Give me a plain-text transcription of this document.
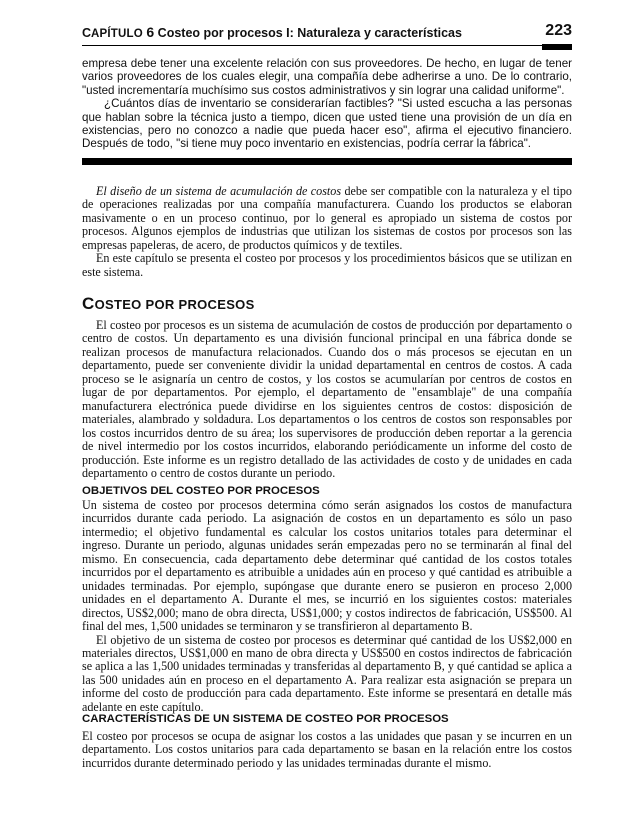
CAPÍTULO 6 Costeo por procesos I: Naturaleza y características	223

empresa debe tener una excelente relación con sus proveedores. De hecho, en lugar de tener varios proveedores de los cuales elegir, una compañía debe adherirse a uno. De lo contrario, "usted incrementaría muchísimo sus costos administrativos y sin lograr una calidad uniforme".

¿Cuántos días de inventario se considerarían factibles? "Si usted escucha a las personas que hablan sobre la técnica justo a tiempo, dicen que usted tiene una provisión de un día en existencias, pero no conozco a nadie que pueda hacer eso", afirma el ejecutivo financiero. Después de todo, "si tiene muy poco inventario en existencias, podría cerrar la fábrica".

El diseño de un sistema de acumulación de costos debe ser compatible con la naturaleza y el tipo de operaciones realizadas por una compañía manufacturera. Cuando los productos se elaboran masivamente o en un proceso continuo, por lo general es apropiado un sistema de costos por procesos. Algunos ejemplos de industrias que utilizan los sistemas de costos por procesos son las empresas papeleras, de acero, de productos químicos y de textiles.

En este capítulo se presenta el costeo por procesos y los procedimientos básicos que se utilizan en este sistema.

COSTEO POR PROCESOS

El costeo por procesos es un sistema de acumulación de costos de producción por departamento o centro de costos. Un departamento es una división funcional principal en una fábrica donde se realizan procesos de manufactura relacionados. Cuando dos o más procesos se ejecutan en un departamento, puede ser conveniente dividir la unidad departamental en centros de costos. A cada proceso se le asignaría un centro de costos, y los costos se acumularían por centros de costos en lugar de por departamentos. Por ejemplo, el departamento de "ensamblaje" de una compañía manufacturera electrónica puede dividirse en los siguientes centros de costos: disposición de materiales, alambrado y soldadura. Los departamentos o los centros de costos son responsables por los costos incurridos dentro de su área; los supervisores de producción deben reportar a la gerencia de nivel intermedio por los costos incurridos, elaborando periódicamente un informe del costo de producción. Este informe es un registro detallado de las actividades de costo y de unidades en cada departamento o centro de costos durante un periodo.

OBJETIVOS DEL COSTEO POR PROCESOS

Un sistema de costeo por procesos determina cómo serán asignados los costos de manufactura incurridos durante cada periodo. La asignación de costos en un departamento es sólo un paso intermedio; el objetivo fundamental es calcular los costos unitarios totales para determinar el ingreso. Durante un periodo, algunas unidades serán empezadas pero no se terminarán al final del mismo. En consecuencia, cada departamento debe determinar qué cantidad de los costos totales incurridos por el departamento es atribuible a unidades aún en proceso y qué cantidad es atribuible a unidades terminadas. Por ejemplo, supóngase que durante enero se pusieron en proceso 2,000 unidades en el departamento A. Durante el mes, se incurrió en los siguientes costos: materiales directos, US$2,000; mano de obra directa, US$1,000; y costos indirectos de fabricación, US$500. Al final del mes, 1,500 unidades se terminaron y se transfirieron al departamento B.

El objetivo de un sistema de costeo por procesos es determinar qué cantidad de los US$2,000 en materiales directos, US$1,000 en mano de obra directa y US$500 en costos indirectos de fabricación se aplica a las 1,500 unidades terminadas y transferidas al departamento B, y qué cantidad se aplica a las 500 unidades aún en proceso en el departamento A. Para realizar esta asignación se prepara un informe del costo de producción para cada departamento. Este informe se presentará en detalle más adelante en este capítulo.

CARACTERÍSTICAS DE UN SISTEMA DE COSTEO POR PROCESOS

El costeo por procesos se ocupa de asignar los costos a las unidades que pasan y se incurren en un departamento. Los costos unitarios para cada departamento se basan en la relación entre los costos incurridos durante determinado periodo y las unidades terminadas durante el mismo.
